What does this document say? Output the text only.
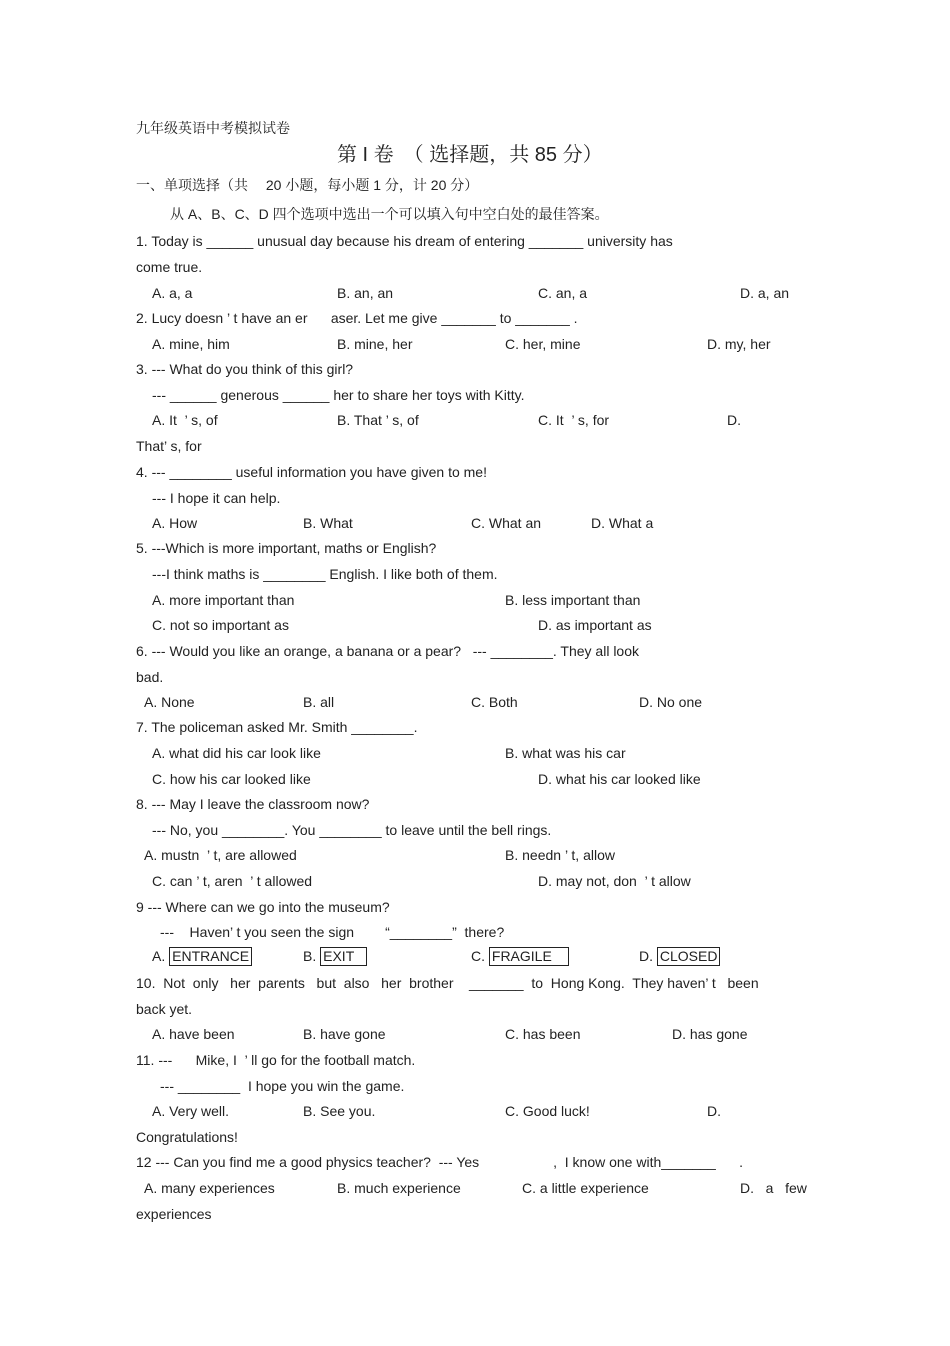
九年级英语中考模拟试卷
第 I 卷　（ 选择题，共 85 分）
一、单项选择（共　 20 小题，每小题 1 分，计 20 分）
从 A、B、C、D 四个选项中选出一个可以填入句中空白处的最佳答案。
1. Today is ______ unusual day because his dream of entering _______ university has
come true.
A. a, a	B. an, an	C. an, a	D. a, an
2. Lucy doesn ’ t have an er      aser. Let me give _______ to _______ .
A. mine, him	B. mine, her	C. her, mine	D. my, her
3. --- What do you think of this girl?
--- ______ generous ______ her to share her toys with Kitty.
A. It  ’ s, of	B. That ’ s, of	C. It  ’ s, for	D.
That’ s, for
4. --- ________ useful information you have given to me!
--- I hope it can help.
A. How	B. What	C. What an	D. What a
5. ---Which is more important, maths or English?
---I think maths is ________ English. I like both of them.
A. more important than	B. less important than
C. not so important as	D. as important as
6. --- Would you like an orange, a banana or a pear?   --- ________. They all look
bad.
A. None	B. all	C. Both	D. No one
7. The policeman asked Mr. Smith ________.
A. what did his car look like	B. what was his car
C. how his car looked like	D. what his car looked like
8. --- May I leave the classroom now?
--- No, you ________. You ________ to leave until the bell rings.
A. mustn  ’ t, are allowed	B. needn ’ t, allow
C. can ’ t, aren  ’ t allowed	D. may not, don  ’ t allow
9 --- Where can we go into the museum?
---    Haven’ t you seen the sign        “________”  there?
A. ENTRANCE	B. EXIT	C. FRAGILE	D. CLOSED
10.  Not  only   her  parents   but  also   her  brother    _______  to  Hong Kong.  They haven’ t   been
back yet.
A. have been	B. have gone	C. has been	D. has gone
11. ---      Mike, I  ’ ll go for the football match.
--- ________  I hope you win the game.
A. Very well.	B. See you.	C. Good luck!	D.
Congratulations!
12 --- Can you find me a good physics teacher?  --- Yes                   ,  I know one with_______      .
A. many experiences	B. much experience	C. a little experience	D.   a   few
experiences
